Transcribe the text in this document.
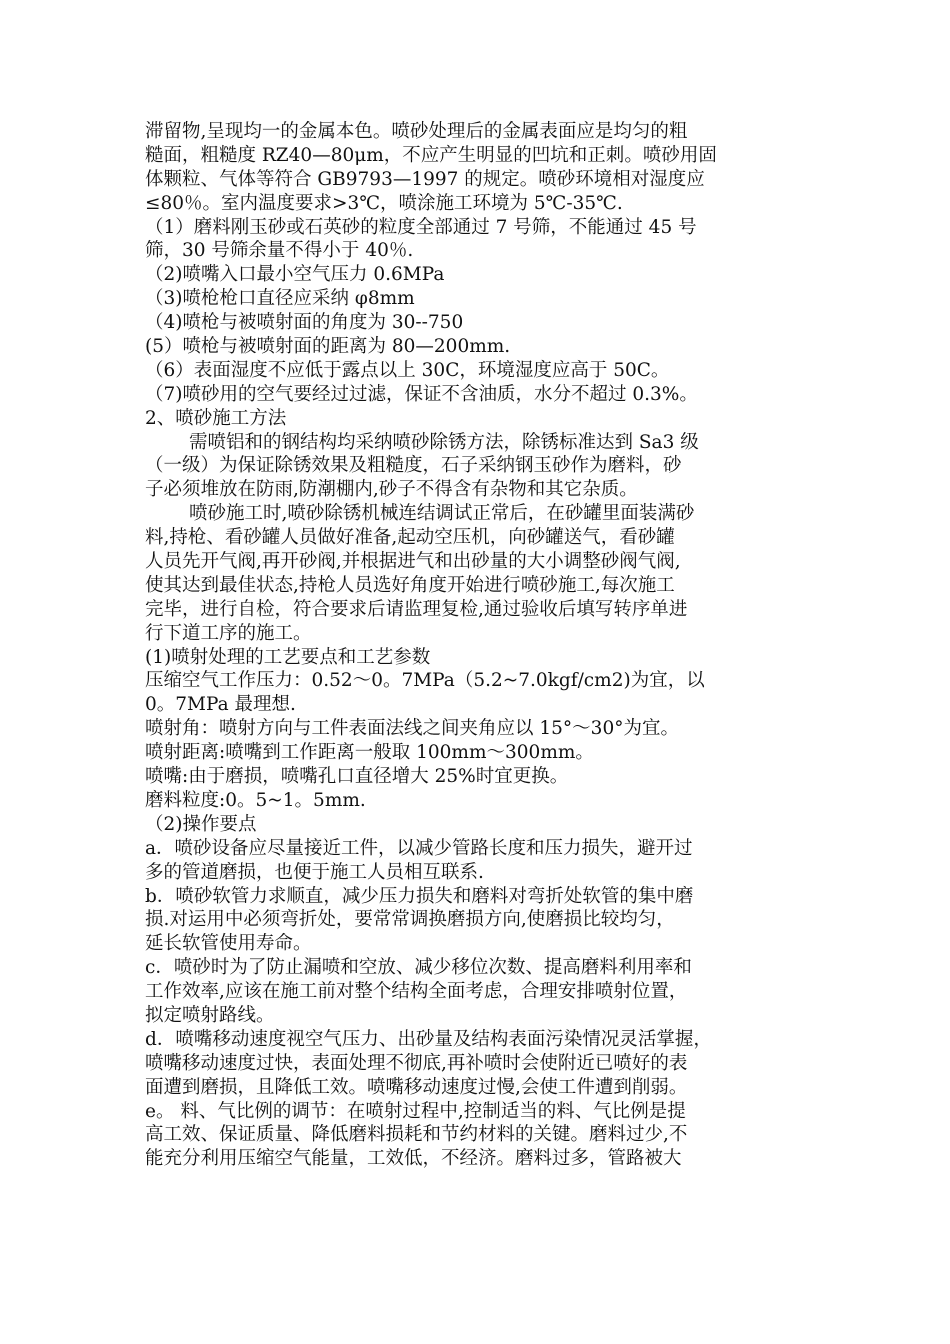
滞留物,呈现均一的金属本色。喷砂处理后的金属表面应是均匀的粗
糙面，粗糙度 RZ40—80μm，不应产生明显的凹坑和正刺。喷砂用固
体颗粒、气体等符合 GB9793—1997 的规定。喷砂环境相对湿度应
≤80％。室内温度要求>3℃，喷涂施工环境为 5℃-35℃.
（1）磨料刚玉砂或石英砂的粒度全部通过 7 号筛，不能通过 45 号
筛，30 号筛余量不得小于 40％.
（2)喷嘴入口最小空气压力 0.6MPa
（3)喷枪枪口直径应采纳 φ8mm
（4)喷枪与被喷射面的角度为 30--750
(5）喷枪与被喷射面的距离为 80—200mm.
（6）表面湿度不应低于露点以上 30C，环境湿度应高于 50C。
（7)喷砂用的空气要经过过滤，保证不含油质，水分不超过 0.3%。
2、喷砂施工方法
需喷铝和的钢结构均采纳喷砂除锈方法，除锈标准达到 Sa3 级
（一级）为保证除锈效果及粗糙度，石子采纳钢玉砂作为磨料，砂
子必须堆放在防雨,防潮棚内,砂子不得含有杂物和其它杂质。
喷砂施工时,喷砂除锈机械连结调试正常后，在砂罐里面装满砂
料,持枪、看砂罐人员做好准备,起动空压机，向砂罐送气，看砂罐
人员先开气阀,再开砂阀,并根据进气和出砂量的大小调整砂阀气阀,
使其达到最佳状态,持枪人员选好角度开始进行喷砂施工,每次施工
完毕，进行自检，符合要求后请监理复检,通过验收后填写转序单进
行下道工序的施工。
(1)喷射处理的工艺要点和工艺参数
压缩空气工作压力：0.52～0。7MPa（5.2~7.0kgf/cm2)为宜，以
0。7MPa 最理想.
喷射角：喷射方向与工件表面法线之间夹角应以 15°～30°为宜。
喷射距离:喷嘴到工作距离一般取 100mm～300mm。
喷嘴:由于磨损，喷嘴孔口直径增大 25%时宜更换。
磨料粒度:0。5~1。5mm.
（2)操作要点
a．喷砂设备应尽量接近工件，以减少管路长度和压力损失，避开过
多的管道磨损，也便于施工人员相互联系.
b．喷砂软管力求顺直，减少压力损失和磨料对弯折处软管的集中磨
损.对运用中必须弯折处，要常常调换磨损方向,使磨损比较均匀，
延长软管使用寿命。
c．喷砂时为了防止漏喷和空放、减少移位次数、提高磨料利用率和
工作效率,应该在施工前对整个结构全面考虑，合理安排喷射位置，
拟定喷射路线。
d．喷嘴移动速度视空气压力、出砂量及结构表面污染情况灵活掌握，
喷嘴移动速度过快，表面处理不彻底,再补喷时会使附近已喷好的表
面遭到磨损，且降低工效。喷嘴移动速度过慢,会使工件遭到削弱。
e。 料、气比例的调节：在喷射过程中,控制适当的料、气比例是提
高工效、保证质量、降低磨料损耗和节约材料的关键。磨料过少,不
能充分利用压缩空气能量，工效低，不经济。磨料过多，管路被大
